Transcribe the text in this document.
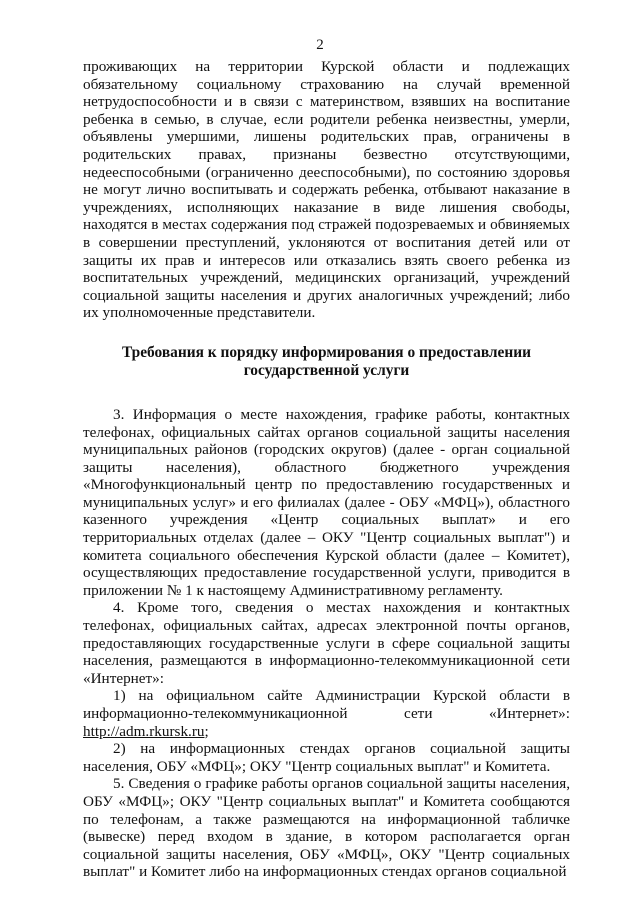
2

проживающих на территории Курской области и подлежащих обязательному социальному страхованию на случай временной нетрудоспособности и в связи с материнством, взявших на воспитание ребенка в семью, в случае, если родители ребенка неизвестны, умерли, объявлены умершими, лишены родительских прав, ограничены в родительских правах, признаны безвестно отсутствующими, недееспособными (ограниченно дееспособными), по состоянию здоровья не могут лично воспитывать и содержать ребенка, отбывают наказание в учреждениях, исполняющих наказание в виде лишения свободы, находятся в местах содержания под стражей подозреваемых и обвиняемых в совершении преступлений, уклоняются от воспитания детей или от защиты их прав и интересов или отказались взять своего ребенка из воспитательных учреждений, медицинских организаций, учреждений социальной защиты населения и других аналогичных учреждений; либо их уполномоченные представители.

Требования к порядку информирования о предоставлении государственной услуги

3. Информация о месте нахождения, графике работы, контактных телефонах, официальных сайтах органов социальной защиты населения муниципальных районов (городских округов) (далее - орган социальной защиты населения), областного бюджетного учреждения «Многофункциональный центр по предоставлению государственных и муниципальных услуг» и его филиалах (далее - ОБУ «МФЦ»), областного казенного учреждения «Центр социальных выплат» и его территориальных отделах (далее – ОКУ "Центр социальных выплат") и комитета социального обеспечения Курской области (далее – Комитет), осуществляющих предоставление государственной услуги, приводится в приложении № 1 к настоящему Административному регламенту.

4. Кроме того, сведения о местах нахождения и контактных телефонах, официальных сайтах, адресах электронной почты органов, предоставляющих государственные услуги в сфере социальной защиты населения, размещаются в информационно-телекоммуникационной сети «Интернет»:

1) на официальном сайте Администрации Курской области в информационно-телекоммуникационной сети «Интернет»: http://adm.rkursk.ru;

2) на информационных стендах органов социальной защиты населения, ОБУ «МФЦ»; ОКУ "Центр социальных выплат" и Комитета.

5. Сведения о графике работы органов социальной защиты населения, ОБУ «МФЦ»; ОКУ "Центр социальных выплат" и Комитета сообщаются по телефонам, а также размещаются на информационной табличке (вывеске) перед входом в здание, в котором располагается орган социальной защиты населения, ОБУ «МФЦ», ОКУ "Центр социальных выплат" и Комитет либо на информационных стендах органов социальной
